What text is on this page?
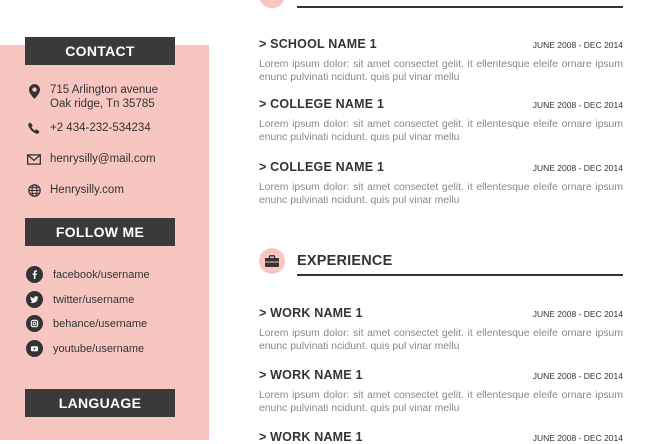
CONTACT
715 Arlington avenue
Oak ridge, Tn 35785
+2 434-232-534234
henrysilly@mail.com
Henrysilly.com
FOLLOW ME
facebook/username
twitter/username
behance/username
youtube/username
LANGUAGE
> SCHOOL NAME 1	JUNE 2008 - DEC 2014
Lorem ipsum dolor: sit amet consectet gelit. it ellentesque eleife ornare ipsum enunc pulvinati ncidunt. quis pul vinar mellu
> COLLEGE NAME 1	JUNE 2008 - DEC 2014
Lorem ipsum dolor: sit amet consectet gelit. it ellentesque eleife ornare ipsum enunc pulvinati ncidunt. quis pul vinar mellu
> COLLEGE NAME 1	JUNE 2008 - DEC 2014
Lorem ipsum dolor: sit amet consectet gelit. it ellentesque eleife ornare ipsum enunc pulvinati ncidunt. quis pul vinar mellu
EXPERIENCE
> WORK NAME 1	JUNE 2008 - DEC 2014
Lorem ipsum dolor: sit amet consectet gelit. it ellentesque eleife ornare ipsum enunc pulvinati ncidunt. quis pul vinar mellu
> WORK NAME 1	JUNE 2008 - DEC 2014
Lorem ipsum dolor: sit amet consectet gelit. it ellentesque eleife ornare ipsum enunc pulvinati ncidunt. quis pul vinar mellu
> WORK NAME 1	JUNE 2008 - DEC 2014
